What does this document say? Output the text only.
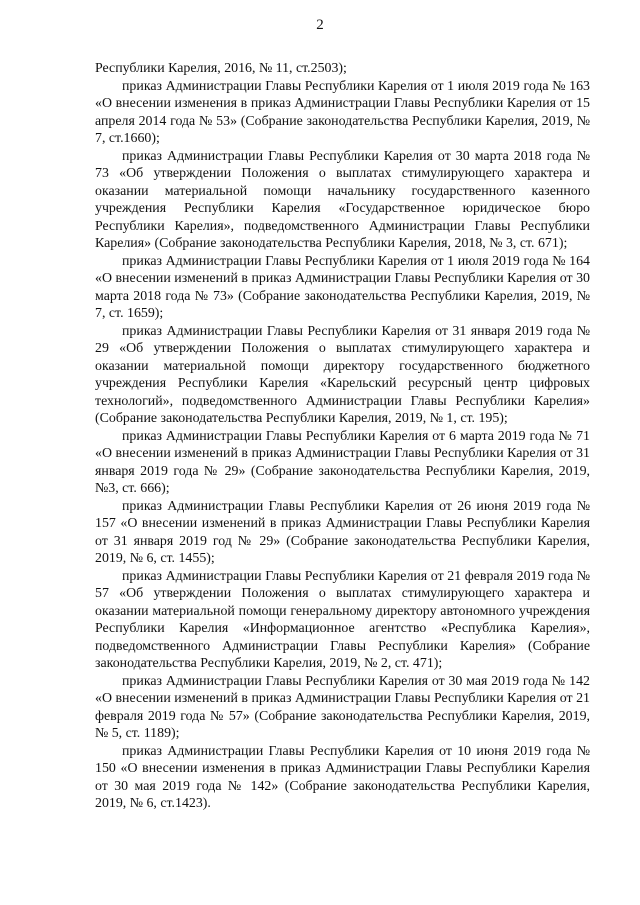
2

Республики Карелия, 2016, № 11, ст.2503);

приказ Администрации Главы Республики Карелия от 1 июля 2019 года № 163 «О внесении изменения в приказ Администрации Главы Республики Карелия от 15 апреля 2014 года № 53» (Собрание законодательства Республики Карелия, 2019, № 7, ст.1660);

приказ Администрации Главы Республики Карелия от 30 марта 2018 года № 73 «Об утверждении Положения о выплатах стимулирующего характера и оказании материальной помощи начальнику государственного казенного учреждения Республики Карелия «Государственное юридическое бюро Республики Карелия», подведомственного Администрации Главы Республики Карелия» (Собрание законодательства Республики Карелия, 2018, № 3, ст. 671);

приказ Администрации Главы Республики Карелия от 1 июля 2019 года № 164 «О внесении изменений в приказ Администрации Главы Республики Карелия от 30 марта 2018 года № 73» (Собрание законодательства Республики Карелия, 2019, № 7, ст. 1659);

приказ Администрации Главы Республики Карелия от 31 января 2019 года № 29 «Об утверждении Положения о выплатах стимулирующего характера и оказании материальной помощи директору государственного бюджетного учреждения Республики Карелия «Карельский ресурсный центр цифровых технологий», подведомственного Администрации Главы Республики Карелия» (Собрание законодательства Республики Карелия, 2019, № 1, ст. 195);

приказ Администрации Главы Республики Карелия от 6 марта 2019 года № 71 «О внесении изменений в приказ Администрации Главы Республики Карелия от 31 января 2019 года № 29» (Собрание законодательства Республики Карелия, 2019, №3, ст. 666);

приказ Администрации Главы Республики Карелия от 26 июня 2019 года № 157 «О внесении изменений в приказ Администрации Главы Республики Карелия от 31 января 2019 год № 29» (Собрание законодательства Республики Карелия, 2019, № 6, ст. 1455);

приказ Администрации Главы Республики Карелия от 21 февраля 2019 года № 57 «Об утверждении Положения о выплатах стимулирующего характера и оказании материальной помощи генеральному директору автономного учреждения Республики Карелия «Информационное агентство «Республика Карелия», подведомственного Администрации Главы Республики Карелия» (Собрание законодательства Республики Карелия, 2019, № 2, ст. 471);

приказ Администрации Главы Республики Карелия от 30 мая 2019 года № 142 «О внесении изменений в приказ Администрации Главы Республики Карелия от 21 февраля 2019 года № 57» (Собрание законодательства Республики Карелия, 2019, № 5, ст. 1189);

приказ Администрации Главы Республики Карелия от 10 июня 2019 года № 150 «О внесении изменения в приказ Администрации Главы Республики Карелия от 30 мая 2019 года № 142» (Собрание законодательства Республики Карелия, 2019, № 6, ст.1423).
